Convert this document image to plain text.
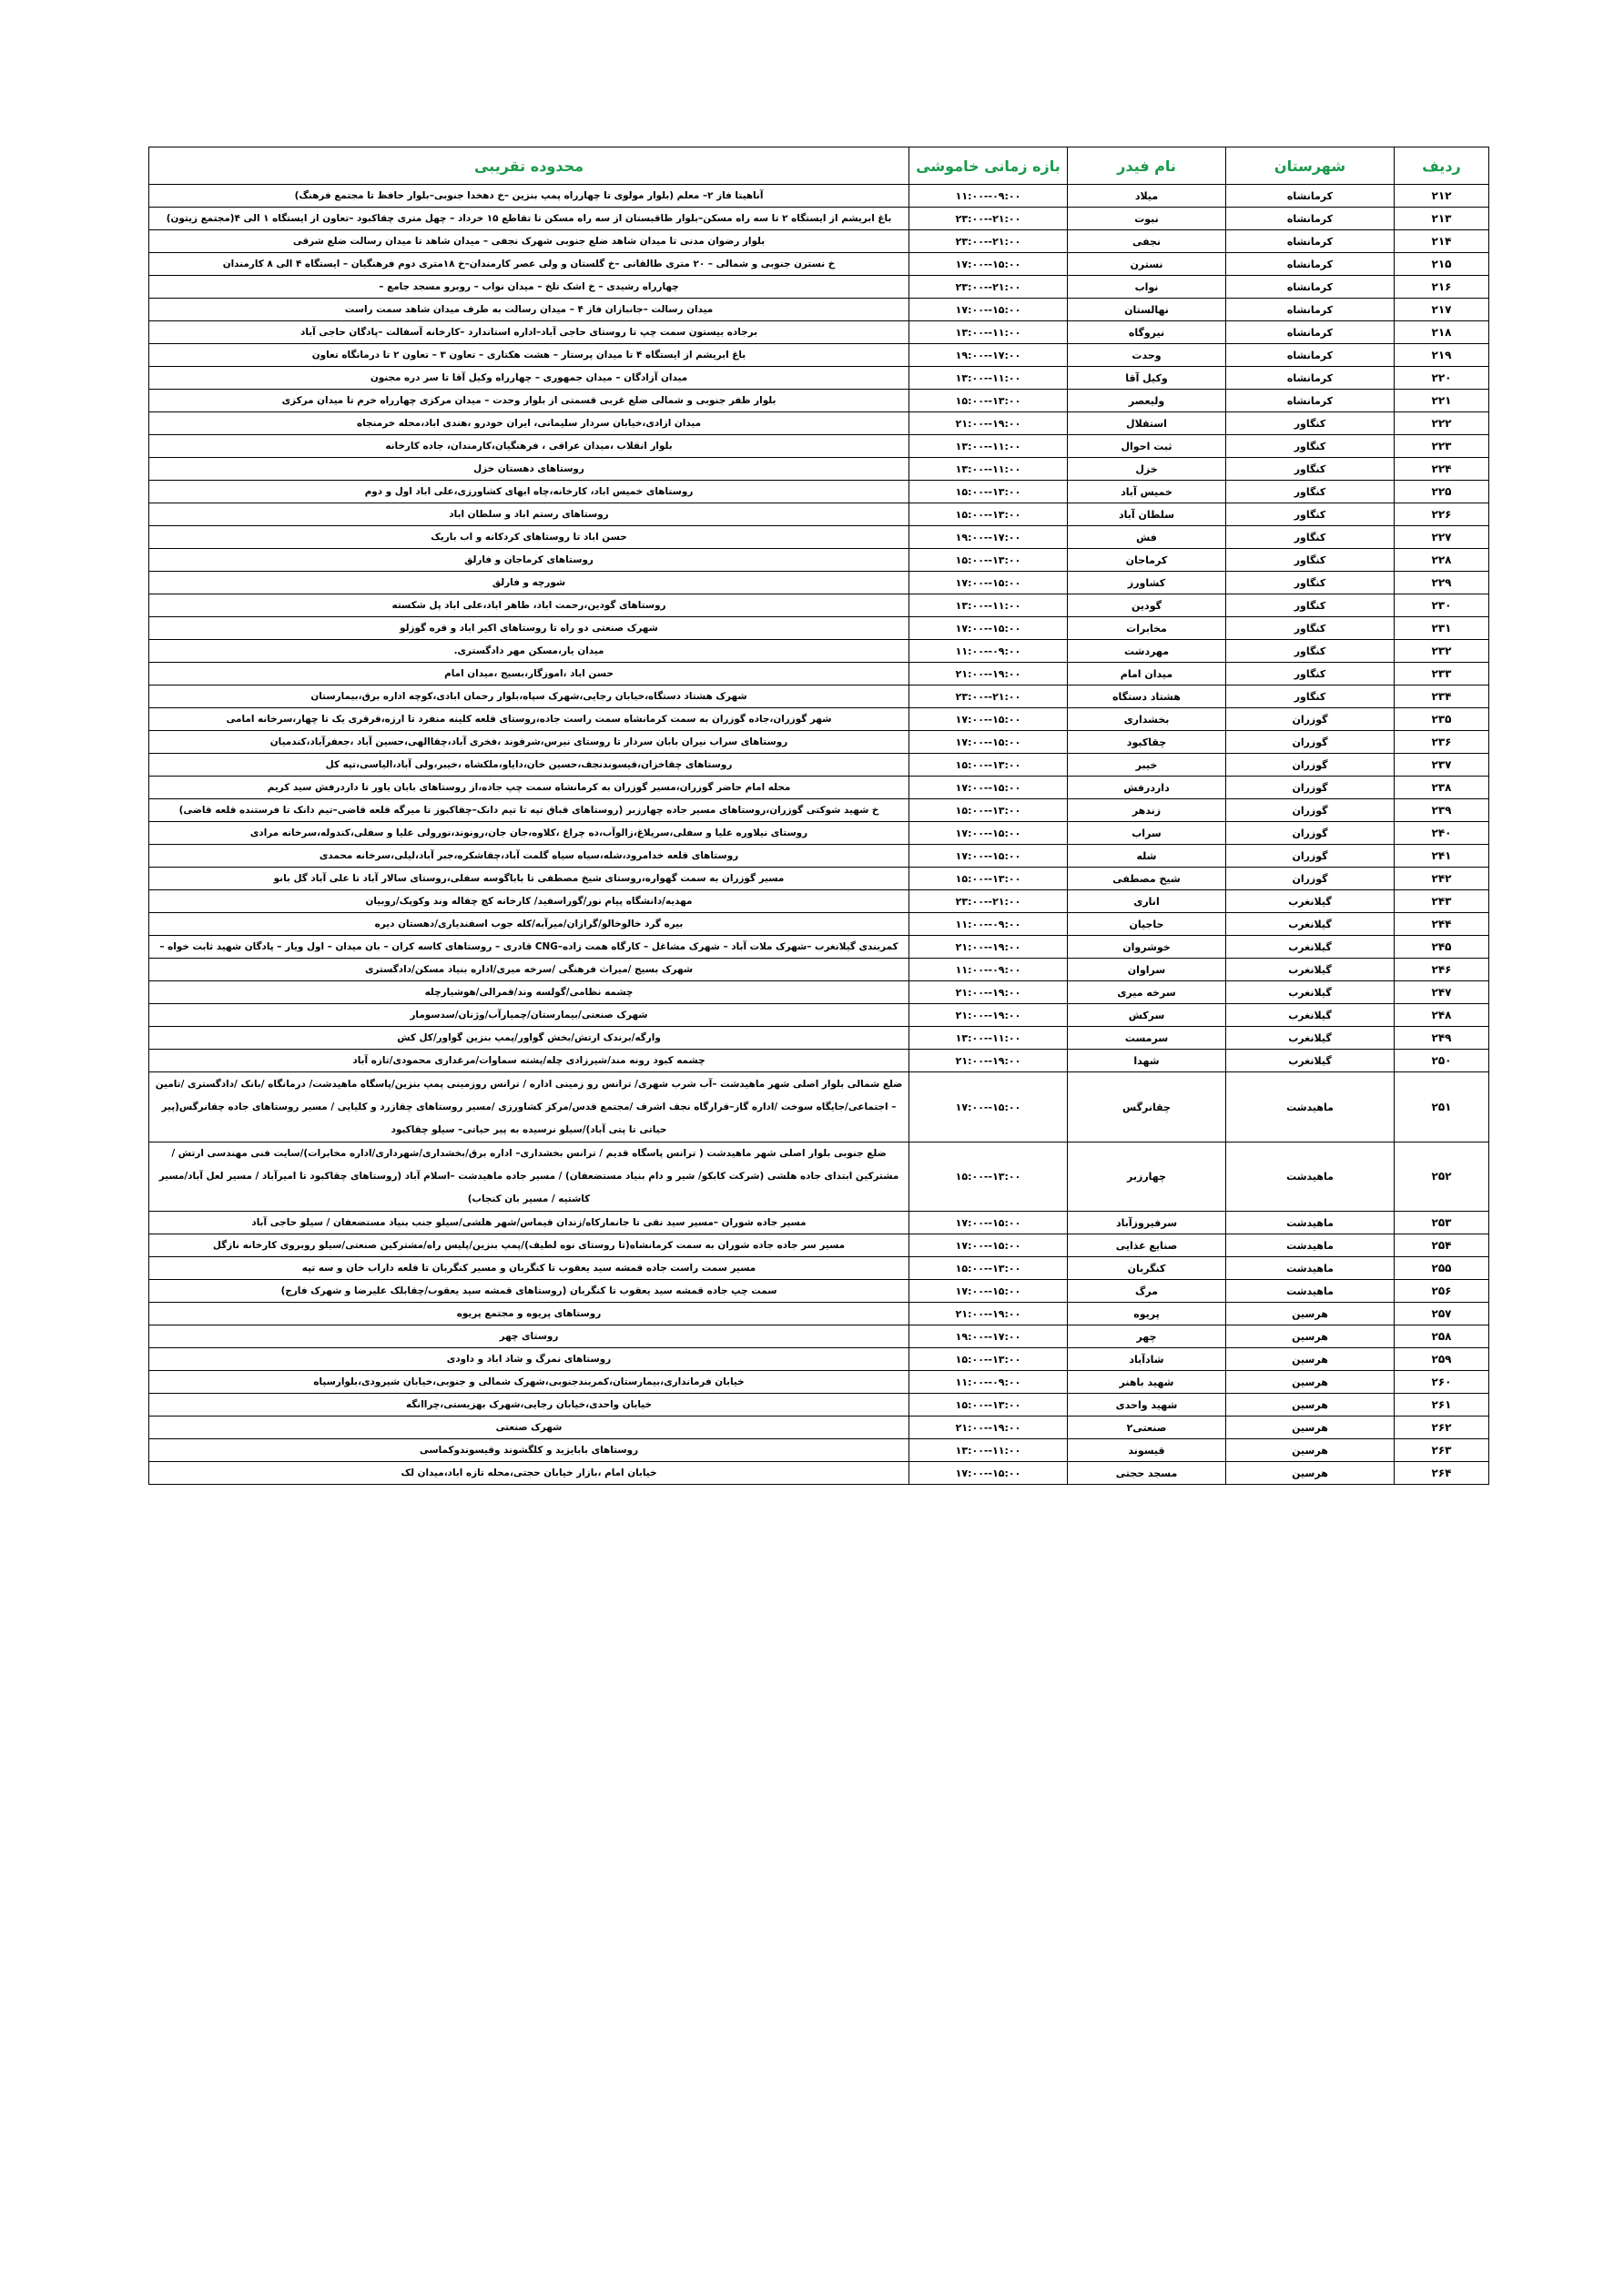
ردیف	شهرستان	نام فیدر	بازه زمانی خاموشی	محدوده تقریبی
۲۱۲	کرمانشاه	میلاد	۰۹:۰۰--۱۱:۰۰	آناهیتا فاز ۲– معلم (بلوار مولوی تا چهارراه پمپ بنزین –خ دهخدا جنوبی–بلوار حافظ تا مجتمع فرهنگ)
۲۱۳	کرمانشاه	نبوت	۲۱:۰۰--۲۳:۰۰	باغ ابریشم از ایستگاه ۲ تا سه راه مسکن–بلوار طاقبستان از سه راه مسکن تا تقاطع ۱۵ خرداد – چهل متری چقاکبود –تعاون از ایستگاه ۱ الی ۴(مجتمع زیتون)
۲۱۴	کرمانشاه	نجفی	۲۱:۰۰--۲۳:۰۰	بلوار رضوان مدنی تا میدان شاهد ضلع جنوبی شهرک نجفی – میدان شاهد تا میدان رسالت ضلع شرقی
۲۱۵	کرمانشاه	نسترن	۱۵:۰۰--۱۷:۰۰	خ نسترن جنوبی و شمالی – ۲۰ متری طالقانی –خ گلستان و ولی عصر کارمندان–خ ۱۸متری دوم فرهنگیان – ایستگاه ۴ الی ۸ کارمندان
۲۱۶	کرمانشاه	نواب	۲۱:۰۰--۲۳:۰۰	چهارراه رشیدی – خ اشک تلخ – میدان نواب – روبرو مسجد جامع –
۲۱۷	کرمانشاه	نهالستان	۱۵:۰۰--۱۷:۰۰	میدان رسالت –جانبازان فاز ۴ – میدان رسالت به طرف میدان شاهد سمت راست
۲۱۸	کرمانشاه	نیروگاه	۱۱:۰۰--۱۳:۰۰	برجاده بیستون سمت چپ تا روستای حاجی آباد–اداره استاندارد –کارخانه آسفالت –پادگان حاجی آباد
۲۱۹	کرمانشاه	وحدت	۱۷:۰۰--۱۹:۰۰	باغ ابریشم از ایستگاه ۴ تا میدان پرستار – هشت هکتاری – تعاون ۳ – تعاون ۲ تا درمانگاه تعاون
۲۲۰	کرمانشاه	وکیل آقا	۱۱:۰۰--۱۳:۰۰	میدان آزادگان – میدان جمهوری – چهارراه وکیل آقا تا سر دره مجنون
۲۲۱	کرمانشاه	ولیعصر	۱۳:۰۰--۱۵:۰۰	بلوار ظفر جنوبی و شمالی ضلع غربی قسمتی از بلوار وحدت – میدان مرکزی چهارراه خرم تا میدان مرکزی
۲۲۲	کنگاور	استقلال	۱۹:۰۰--۲۱:۰۰	میدان ازادی،خیابان سردار سلیمانی، ایران خودرو ،هندی اباد،محله خرمنجاه
۲۲۳	کنگاور	ثبت احوال	۱۱:۰۰--۱۳:۰۰	بلوار انقلاب ،میدان عراقی ، فرهنگیان،کارمندان، جاده کارخانه
۲۲۴	کنگاور	خزل	۱۱:۰۰--۱۳:۰۰	روستاهای دهستان خزل
۲۲۵	کنگاور	خمیس آباد	۱۳:۰۰--۱۵:۰۰	روستاهای خمیس اباد، کارخانه،چاه ابهای کشاورزی،علی اباد اول و دوم
۲۲۶	کنگاور	سلطان آباد	۱۳:۰۰--۱۵:۰۰	روستاهای رستم اباد و سلطان اباد
۲۲۷	کنگاور	فش	۱۷:۰۰--۱۹:۰۰	حسن اباد تا روستاهای کردکانه و اب باریک
۲۲۸	کنگاور	کرماجان	۱۳:۰۰--۱۵:۰۰	روستاهای کرماجان و فارلق
۲۲۹	کنگاور	کشاورز	۱۵:۰۰--۱۷:۰۰	شورچه و فارلق
۲۳۰	کنگاور	گودین	۱۱:۰۰--۱۳:۰۰	روستاهای گودین،رحمت اباد، طاهر اباد،علی اباد پل شکسته
۲۳۱	کنگاور	مخابرات	۱۵:۰۰--۱۷:۰۰	شهرک صنعتی دو راه تا روستاهای اکبر اباد و قره گوزلو
۲۳۲	کنگاور	مهردشت	۰۹:۰۰--۱۱:۰۰	میدان یار،مسکن مهر دادگستری.
۲۳۳	کنگاور	میدان امام	۱۹:۰۰--۲۱:۰۰	حسن اباد ،اموزگار،بسیج ،میدان امام
۲۳۴	کنگاور	هشتاد دستگاه	۲۱:۰۰--۲۳:۰۰	شهرک هشتاد دستگاه،خیابان رجایی،شهرک سپاه،بلوار رحمان ابادی،کوچه اداره برق،بیمارستان
۲۳۵	گوزران	بخشداری	۱۵:۰۰--۱۷:۰۰	شهر گوزران،جاده گوزران به سمت کرمانشاه سمت راست جاده،روستای قلعه کلینه منفرد تا ارزه،قرقری یک تا چهار،سرخانه امامی
۲۳۶	گوزران	چقاکبود	۱۵:۰۰--۱۷:۰۰	روستاهای سراب نیران بابان سردار تا روستای نیرس،شرفوند ،فخری آباد،چقاالهی،حسین آباد ،جعفرآباد،کندمیان
۲۳۷	گوزران	خیبر	۱۳:۰۰--۱۵:۰۰	روستاهای چقاخزان،قیسوندنجف،حسین خان،دایاو،ملکشاه ،خیبر،ولی آباد،الیاسی،تپه کل
۲۳۸	گوزران	داردرفش	۱۵:۰۰--۱۷:۰۰	محله امام حاضر گوزران،مسیر گوزران به کرمانشاه سمت چپ جاده،از روستاهای بابان یاور تا داردرفش سید کریم
۲۳۹	گوزران	زندهر	۱۳:۰۰--۱۵:۰۰	خ شهید شوکتی گوزران،روستاهای مسیر جاده چهارزبر (روستاهای قباق تپه تا تیم دانک–چقاکبوز تا میرگه قلعه قاضی–تیم دانک تا فرستنده قلعه قاضی)
۲۴۰	گوزران	سراب	۱۵:۰۰--۱۷:۰۰	روستای نیلاوره علیا و سفلی،سرپلاغ،زالوآب،ده چراغ ،کلاوه،جان جان،رونوند،نورولی علیا و سفلی،کندوله،سرخانه مرادی
۲۴۱	گوزران	شله	۱۵:۰۰--۱۷:۰۰	روستاهای قلعه خدامرود،شله،سیاه سیاه گلمت آباد،چقاشکره،جبر آباد،لیلی،سرخانه محمدی
۲۴۲	گوزران	شیخ مصطفی	۱۳:۰۰--۱۵:۰۰	مسیر گوزران به سمت گهواره،روستای شیخ مصطفی تا باباگوسه سفلی،روستای سالار آباد تا علی آباد گل بانو
۲۴۳	گیلانغرب	اناری	۲۱:۰۰--۲۳:۰۰	مهدیه/دانشگاه پیام نور/گوراسفید/ کارخانه کچ چقاله وند وکوپک/روبیان
۲۴۴	گیلانغرب	حاجیان	۰۹:۰۰--۱۱:۰۰	بیره گرد خالوخالو/گرازان/میرآبه/کله جوب اسفندیاری/دهستان دیره
۲۴۵	گیلانغرب	خوشروان	۱۹:۰۰--۲۱:۰۰	کمربندی گیلانغرب –شهرک ملات آباد – شهرک مشاغل – کارگاه همت زاده–CNG قادری – روستاهای کاسه کران – بان میدان – اول ویار – پادگان شهید ثابت خواه –
۲۴۶	گیلانغرب	سراوان	۰۹:۰۰--۱۱:۰۰	شهرک بسیج /میراث فرهنگی /سرخه میری/اداره بنیاد مسکن/دادگستری
۲۴۷	گیلانغرب	سرخه میری	۱۹:۰۰--۲۱:۰۰	چشمه نظامی/گولسه وند/قمرالی/هوشیارچله
۲۴۸	گیلانغرب	سرکش	۱۹:۰۰--۲۱:۰۰	شهرک صنعتی/بیمارستان/چمیارآب/وژنان/سدسومار
۲۴۹	گیلانغرب	سرمست	۱۱:۰۰--۱۳:۰۰	وارگه/برندک ارتش/بخش گواور/پمپ بنزین گواور/کل کش
۲۵۰	گیلانغرب	شهدا	۱۹:۰۰--۲۱:۰۰	چشمه کبود رونه مند/شیرزادی چله/پشته سماوات/مرغداری محمودی/تازه آباد
۲۵۱	ماهیدشت	چقانرگس	۱۵:۰۰--۱۷:۰۰	ضلع شمالی بلوار اصلی شهر ماهیدشت –آب شرب شهری/ ترانس رو زمینی اداره / ترانس روزمینی پمپ بنزین/پاسگاه ماهیدشت/ درمانگاه /بانک /دادگستری /تامین – اجتماعی/جایگاه سوخت /اداره گاز–قرارگاه نجف اشرف /مجتمع قدس/مرکز کشاورزی /مسیر روستاهای چقازرد و کلیایی / مسیر روستاهای جاده چقانرگس(پیر حیاتی تا پتی آباد)/سیلو نرسیده به پیر حیاتی– سیلو چقاکبود
۲۵۲	ماهیدشت	چهارزبر	۱۳:۰۰--۱۵:۰۰	ضلع جنوبی بلوار اصلی شهر ماهیدشت ( ترانس پاسگاه قدیم / ترانس بخشداری– اداره برق/بخشداری/شهرداری/اداره مخابرات)/سایت فنی مهندسی ارتش / مشترکین ابتدای جاده هلشی (شرکت کابکو/ شیر و دام بنیاد مستضعفان) / مسیر جاده ماهیدشت –اسلام آباد (روستاهای چقاکبود تا امیرآباد / مسیر لعل آباد/مسیر کاشتیه / مسیر بان کنجاب)
۲۵۳	ماهیدشت	سرفیروزآباد	۱۵:۰۰--۱۷:۰۰	مسیر جاده شوران –مسیر سید نقی تا جانمارکاه/زندان قیماس/شهر هلشی/سیلو جنب بنیاد مستضعفان / سیلو حاجی آباد
۲۵۴	ماهیدشت	صنایع غذایی	۱۵:۰۰--۱۷:۰۰	مسیر سر جاده جاده شوران به سمت کرمانشاه(تا روستای نوه لطیف)/پمپ بنزین/پلیس راه/مشترکین صنعتی/سیلو روبروی کارخانه نازگل
۲۵۵	ماهیدشت	کنگربان	۱۳:۰۰--۱۵:۰۰	مسیر سمت راست جاده قمشه سید یعقوب تا کنگربان و مسیر کنگربان تا قلعه داراب خان و سه تپه
۲۵۶	ماهیدشت	مرگ	۱۵:۰۰--۱۷:۰۰	سمت چپ جاده قمشه سید یعقوب تا کنگربان (روستاهای قمشه سید یعقوب/چقابلک علیرضا و شهرک فارج)
۲۵۷	هرسین	پریوه	۱۹:۰۰--۲۱:۰۰	روستاهای پریوه و مجتمع پریوه
۲۵۸	هرسین	چهر	۱۷:۰۰--۱۹:۰۰	روستای چهر
۲۵۹	هرسین	شادآباد	۱۳:۰۰--۱۵:۰۰	روستاهای نمرگ و شاد اباد و داودی
۲۶۰	هرسین	شهید باهنر	۰۹:۰۰--۱۱:۰۰	خیابان فرمانداری،بیمارستان،کمربندجنوبی،شهرک شمالی و جنوبی،خیابان شیرودی،بلوارسپاه
۲۶۱	هرسین	شهید واحدی	۱۳:۰۰--۱۵:۰۰	خیابان واحدی،خیابان رجایی،شهرک بهزیستی،چراانگه
۲۶۲	هرسین	صنعتی۲	۱۹:۰۰--۲۱:۰۰	شهرک صنعتی
۲۶۳	هرسین	قیسوند	۱۱:۰۰--۱۳:۰۰	روستاهای بابایزید و کلگشوند وقیسوندوکماسی
۲۶۴	هرسین	مسجد حجتی	۱۵:۰۰--۱۷:۰۰	خیابان امام ،بازار خیابان حجتی،محله تازه اباد،میدان لک
